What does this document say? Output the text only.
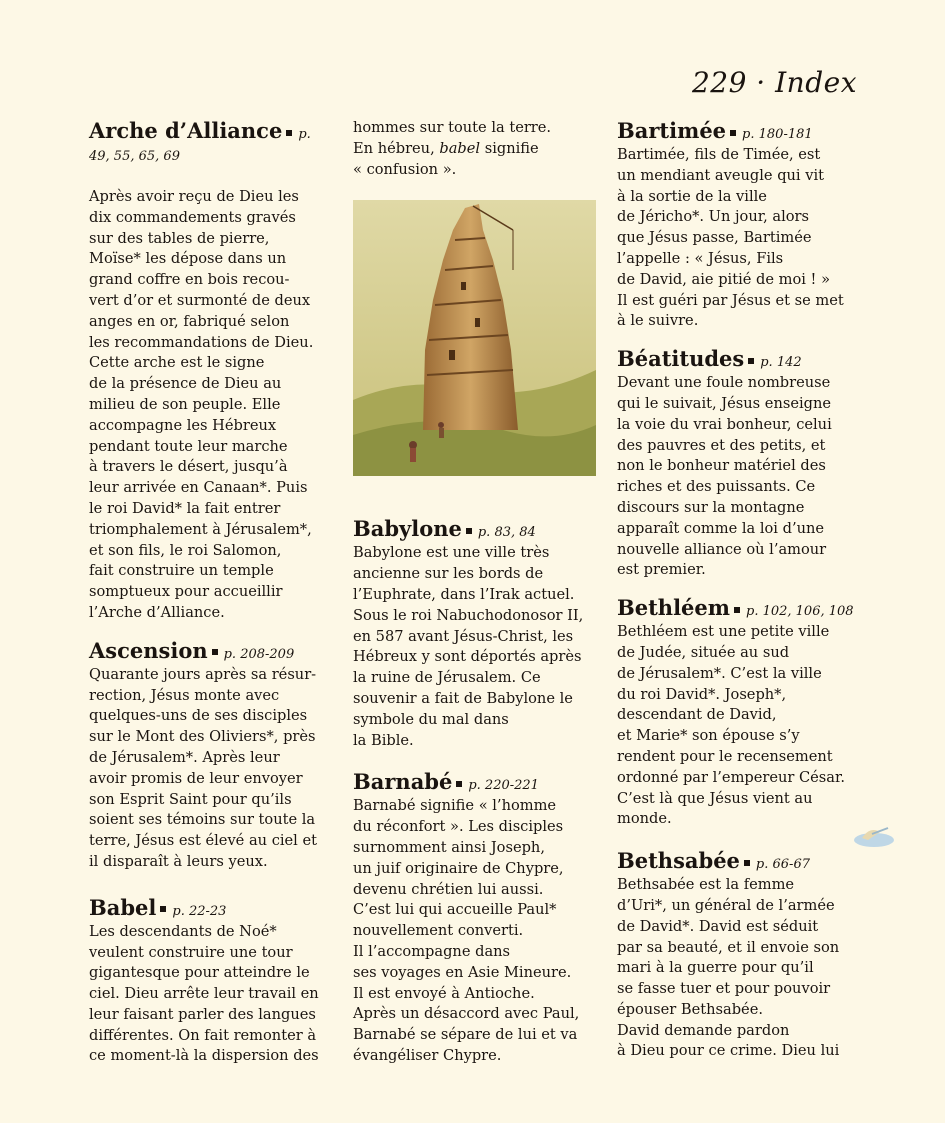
229 · Index
Arche d’Alliance p. 49, 55, 65, 69

Après avoir reçu de Dieu les
dix commandements gravés
sur des tables de pierre,
Moïse* les dépose dans un
grand coffre en bois recou-
vert d’or et surmonté de deux
anges en or, fabriqué selon
les recommandations de Dieu.
Cette arche est le signe
de la présence de Dieu au
milieu de son peuple. Elle
accompagne les Hébreux
pendant toute leur marche
à travers le désert, jusqu’à
leur arrivée en Canaan*. Puis
le roi David* la fait entrer
triomphalement à Jérusalem*,
et son fils, le roi Salomon,
fait construire un temple
somptueux pour accueillir
l’Arche d’Alliance.

Ascension p. 208-209

Quarante jours après sa résur-
rection, Jésus monte avec
quelques-uns de ses disciples
sur le Mont des Oliviers*, près
de Jérusalem*. Après leur
avoir promis de leur envoyer
son Esprit Saint pour qu’ils
soient ses témoins sur toute la
terre, Jésus est élevé au ciel et
il disparaît à leurs yeux.

Babel p. 22-23

Les descendants de Noé*
veulent construire une tour
gigantesque pour atteindre le
ciel. Dieu arrête leur travail en
leur faisant parler des langues
différentes. On fait remonter à
ce moment-là la dispersion des

hommes sur toute la terre.
En hébreu, babel signifie
« confusion ».

Babylone p. 83, 84

Babylone est une ville très
ancienne sur les bords de
l’Euphrate, dans l’Irak actuel.
Sous le roi Nabuchodonosor II,
en 587 avant Jésus-Christ, les
Hébreux y sont déportés après
la ruine de Jérusalem. Ce
souvenir a fait de Babylone le
symbole du mal dans
la Bible.

Barnabé p. 220-221

Barnabé signifie « l’homme
du réconfort ». Les disciples
surnomment ainsi Joseph,
un juif originaire de Chypre,
devenu chrétien lui aussi.
C’est lui qui accueille Paul*
nouvellement converti.
Il l’accompagne dans
ses voyages en Asie Mineure.
Il est envoyé à Antioche.
Après un désaccord avec Paul,
Barnabé se sépare de lui et va
évangéliser Chypre.

Bartimée p. 180-181

Bartimée, fils de Timée, est
un mendiant aveugle qui vit
à la sortie de la ville
de Jéricho*. Un jour, alors
que Jésus passe, Bartimée
l’appelle : « Jésus, Fils
de David, aie pitié de moi ! »
Il est guéri par Jésus et se met
à le suivre.

Béatitudes p. 142

Devant une foule nombreuse
qui le suivait, Jésus enseigne
la voie du vrai bonheur, celui
des pauvres et des petits, et
non le bonheur matériel des
riches et des puissants. Ce
discours sur la montagne
apparaît comme la loi d’une
nouvelle alliance où l’amour
est premier.

Bethléem p. 102, 106, 108

Bethléem est une petite ville
de Judée, située au sud
de Jérusalem*. C’est la ville
du roi David*. Joseph*,
descendant de David,
et Marie* son épouse s’y
rendent pour le recensement
ordonné par l’empereur César.
C’est là que Jésus vient au
monde.

Bethsabée p. 66-67

Bethsabée est la femme
d’Uri*, un général de l’armée
de David*. David est séduit
par sa beauté, et il envoie son
mari à la guerre pour qu’il
se fasse tuer et pour pouvoir
épouser Bethsabée.
David demande pardon
à Dieu pour ce crime. Dieu lui
